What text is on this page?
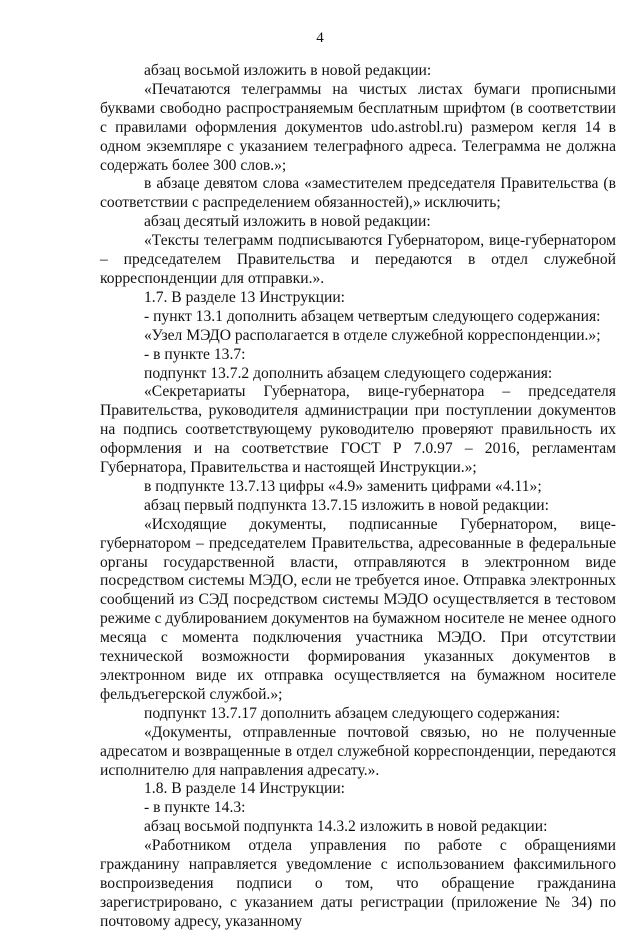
4

абзац восьмой изложить в новой редакции:

«Печатаются телеграммы на чистых листах бумаги прописными буквами свободно распространяемым бесплатным шрифтом (в соответствии с правилами оформления документов udo.astrobl.ru) размером кегля 14 в одном экземпляре с указанием телеграфного адреса. Телеграмма не должна содержать более 300 слов.»;

в абзаце девятом слова «заместителем председателя Правительства (в соответствии с распределением обязанностей),» исключить;

абзац десятый изложить в новой редакции:

«Тексты телеграмм подписываются Губернатором, вице-губернатором – председателем Правительства и передаются в отдел служебной корреспонденции для отправки.».

1.7. В разделе 13 Инструкции:

- пункт 13.1 дополнить абзацем четвертым следующего содержания:

«Узел МЭДО располагается в отделе служебной корреспонденции.»;

- в пункте 13.7:

подпункт 13.7.2 дополнить абзацем следующего содержания:

«Секретариаты Губернатора, вице-губернатора – председателя Правительства, руководителя администрации при поступлении документов на подпись соответствующему руководителю проверяют правильность их оформления и на соответствие ГОСТ Р 7.0.97 – 2016, регламентам Губернатора, Правительства и настоящей Инструкции.»;

в подпункте 13.7.13 цифры «4.9» заменить цифрами «4.11»;

абзац первый подпункта 13.7.15 изложить в новой редакции:

«Исходящие документы, подписанные Губернатором, вице-губернатором – председателем Правительства, адресованные в федеральные органы государственной власти, отправляются в электронном виде посредством системы МЭДО, если не требуется иное. Отправка электронных сообщений из СЭД посредством системы МЭДО осуществляется в тестовом режиме с дублированием документов на бумажном носителе не менее одного месяца с момента подключения участника МЭДО. При отсутствии технической возможности формирования указанных документов в электронном виде их отправка осуществляется на бумажном носителе фельдъегерской службой.»;

подпункт 13.7.17 дополнить абзацем следующего содержания:

«Документы, отправленные почтовой связью, но не полученные адресатом и возвращенные в отдел служебной корреспонденции, передаются исполнителю для направления адресату.».

1.8. В разделе 14 Инструкции:

- в пункте 14.3:

абзац восьмой подпункта 14.3.2 изложить в новой редакции:

«Работником отдела управления по работе с обращениями гражданину направляется уведомление с использованием факсимильного воспроизведения подписи о том, что обращение гражданина зарегистрировано, с указанием даты регистрации (приложение № 34) по почтовому адресу, указанному
